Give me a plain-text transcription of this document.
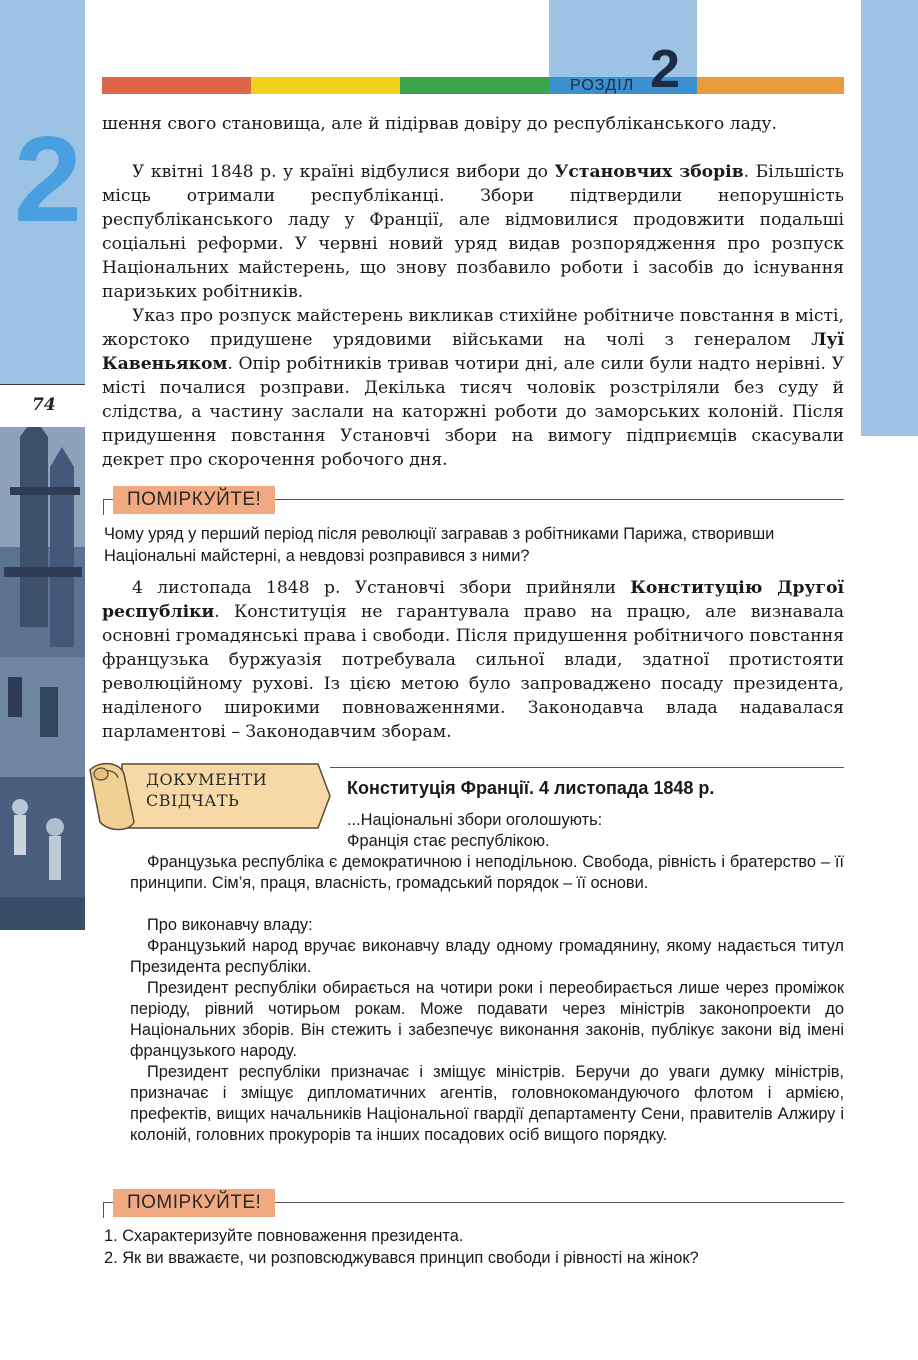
2
74
РОЗДІЛ 2

шення свого становища, але й підірвав довіру до республіканського ладу.

У квітні 1848 р. у країні відбулися вибори до Установчих зборів. Більшість місць отримали республіканці. Збори підтвердили непорушність республіканського ладу у Франції, але відмовилися продовжити подальші соціальні реформи. У червні новий уряд видав розпорядження про розпуск Національних майстерень, що знову позбавило роботи і засобів до існування паризьких робітників.

Указ про розпуск майстерень викликав стихійне робітниче повстання в місті, жорстоко придушене урядовими військами на чолі з генералом Луї Кавеньяком. Опір робітників тривав чотири дні, але сили були надто нерівні. У місті почалися розправи. Декілька тисяч чоловік розстріляли без суду й слідства, а частину заслали на каторжні роботи до заморських колоній. Після придушення повстання Установчі збори на вимогу підприємців скасували декрет про скорочення робочого дня.

ПОМІРКУЙТЕ!

Чому уряд у перший період після революції загравав з робітниками Парижа, створивши Національні майстерні, а невдовзі розправився з ними?

4 листопада 1848 р. Установчі збори прийняли Конституцію Другої республіки. Конституція не гарантувала право на працю, але визнавала основні громадянські права і свободи. Після придушення робітничого повстання французька буржуазія потребувала сильної влади, здатної протистояти революційному рухові. Із цією метою було запроваджено посаду президента, наділеного широкими повноваженнями. Законодавча влада надавалася парламентові – Законодавчим зборам.

ДОКУМЕНТИ
СВІДЧАТЬ
Конституція Франції. 4 листопада 1848 р.

...Національні збори оголошують:

Франція стає республікою.

Французька республіка є демократичною і неподільною. Свобода, рівність і братерство – її принципи. Сім’я, праця, власність, громадський порядок – її основи.

Про виконавчу владу:

Французький народ вручає виконавчу владу одному громадянину, якому надається титул Президента республіки.

Президент республіки обирається на чотири роки і переобирається лише через проміжок періоду, рівний чотирьом рокам. Може подавати через міністрів законопроекти до Національних зборів. Він стежить і забезпечує виконання законів, публікує закони від імені французького народу.

Президент республіки призначає і зміщує міністрів. Беручи до уваги думку міністрів, призначає і зміщує дипломатичних агентів, головнокомандуючого флотом і армією, префектів, вищих начальників Національної гвардії департаменту Сени, правителів Алжиру і колоній, головних прокурорів та інших посадових осіб вищого порядку.

ПОМІРКУЙТЕ!

1. Схарактеризуйте повноваження президента.

2. Як ви вважаєте, чи розповсюджувався принцип свободи і рівності на жінок?
